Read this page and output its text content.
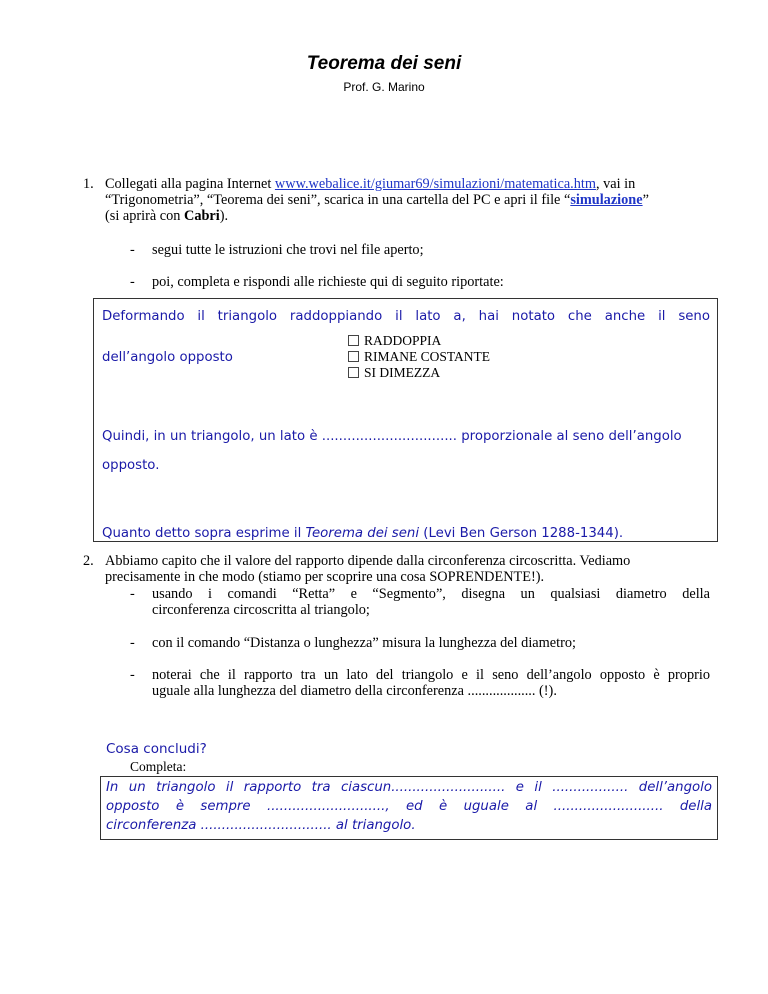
Teorema dei seni
Prof. G. Marino
1. Collegati alla pagina Internet www.webalice.it/giumar69/simulazioni/matematica.htm, vai in
“Trigonometria”, “Teorema dei seni”, scarica in una cartella del PC e apri il file “simulazione”
(si aprirà con Cabri).
- segui tutte le istruzioni che trovi nel file aperto;
- poi, completa e rispondi alle richieste qui di seguito riportate:
Deformando il triangolo raddoppiando il lato a, hai notato che anche il seno
dell’angolo opposto
RADDOPPIA
RIMANE COSTANTE
SI DIMEZZA
Quindi, in un triangolo, un lato è ................................ proporzionale al seno dell’angolo
opposto.
Quanto detto sopra esprime il Teorema dei seni (Levi Ben Gerson 1288-1344).
2. Abbiamo capito che il valore del rapporto dipende dalla circonferenza circoscritta. Vediamo
precisamente in che modo (stiamo per scoprire una cosa SOPRENDENTE!).
- usando i comandi “Retta” e “Segmento”, disegna un qualsiasi diametro della
circonferenza circoscritta al triangolo;
- con il comando “Distanza o lunghezza” misura la lunghezza del diametro;
- noterai che il rapporto tra un lato del triangolo e il seno dell’angolo opposto è proprio
uguale alla lunghezza del diametro della circonferenza ................... (!).
Cosa concludi?
Completa:
In un triangolo il rapporto tra ciascun........................... e il .................. dell’angolo
opposto è sempre ............................, ed è uguale al .......................... della
circonferenza ............................... al triangolo.
